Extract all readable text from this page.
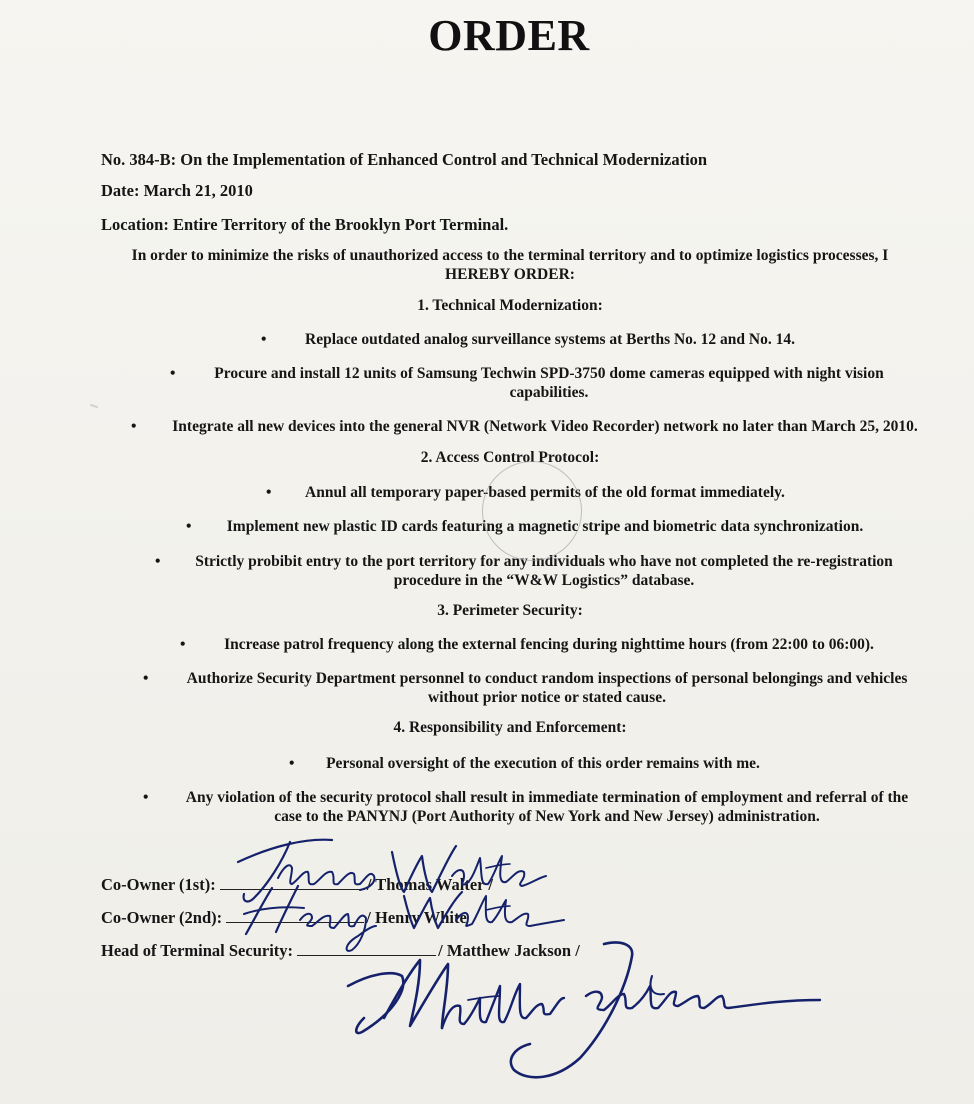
ORDER
No. 384-B: On the Implementation of Enhanced Control and Technical Modernization
Date: March 21, 2010
Location: Entire Territory of the Brooklyn Port Terminal.
In order to minimize the risks of unauthorized access to the terminal territory and to optimize logistics processes, I
HEREBY ORDER:
1. Technical Modernization:
•	Replace outdated analog surveillance systems at Berths No. 12 and No. 14.
•	Procure and install 12 units of Samsung Techwin SPD-3750 dome cameras equipped with night vision
capabilities.
•	Integrate all new devices into the general NVR (Network Video Recorder) network no later than March 25, 2010.
2. Access Control Protocol:
•	Annul all temporary paper-based permits of the old format immediately.
•	Implement new plastic ID cards featuring a magnetic stripe and biometric data synchronization.
•	Strictly probibit entry to the port territory for any individuals who have not completed the re-registration
procedure in the “W&W Logistics” database.
3. Perimeter Security:
•	Increase patrol frequency along the external fencing during nighttime hours (from 22:00 to 06:00).
•	Authorize Security Department personnel to conduct random inspections of personal belongings and vehicles
without prior notice or stated cause.
4. Responsibility and Enforcement:
•	Personal oversight of the execution of this order remains with me.
•	Any violation of the security protocol shall result in immediate termination of employment and referral of the
case to the PANYNJ (Port Authority of New York and New Jersey) administration.
Co-Owner (1st):	/ Thomas Walter /
Co-Owner (2nd):	/ Henry White
Head of Terminal Security:	/ Matthew Jackson /
